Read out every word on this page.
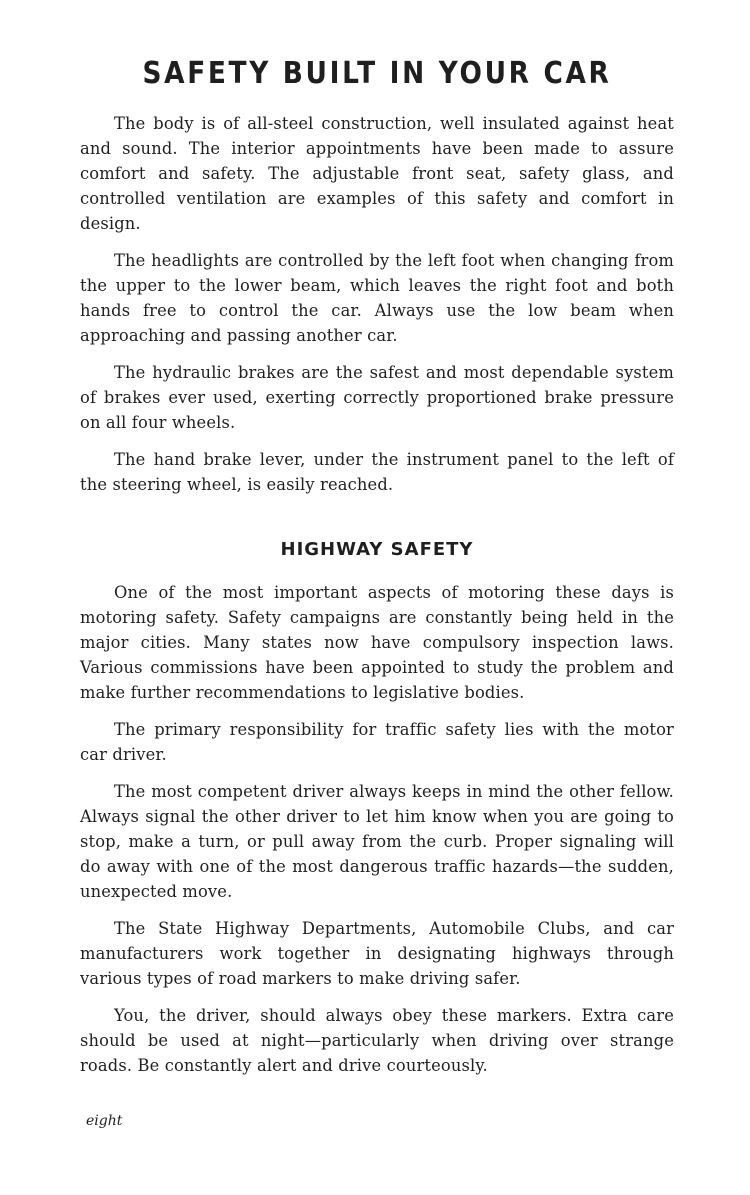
SAFETY BUILT IN YOUR CAR

The body is of all-steel construction, well insulated against heat and sound. The interior appointments have been made to assure comfort and safety. The adjustable front seat, safety glass, and controlled ventilation are examples of this safety and comfort in design.

The headlights are controlled by the left foot when changing from the upper to the lower beam, which leaves the right foot and both hands free to control the car. Always use the low beam when approaching and passing another car.

The hydraulic brakes are the safest and most dependable system of brakes ever used, exerting correctly proportioned brake pressure on all four wheels.

The hand brake lever, under the instrument panel to the left of the steering wheel, is easily reached.

HIGHWAY SAFETY

One of the most important aspects of motoring these days is motoring safety. Safety campaigns are constantly being held in the major cities. Many states now have compulsory inspection laws. Various commissions have been appointed to study the problem and make further recommendations to legislative bodies.

The primary responsibility for traffic safety lies with the motor car driver.

The most competent driver always keeps in mind the other fellow. Always signal the other driver to let him know when you are going to stop, make a turn, or pull away from the curb. Proper signaling will do away with one of the most dangerous traffic hazards—the sudden, unexpected move.

The State Highway Departments, Automobile Clubs, and car manufacturers work together in designating highways through various types of road markers to make driving safer.

You, the driver, should always obey these markers. Extra care should be used at night—particularly when driving over strange roads. Be constantly alert and drive courteously.

eight
